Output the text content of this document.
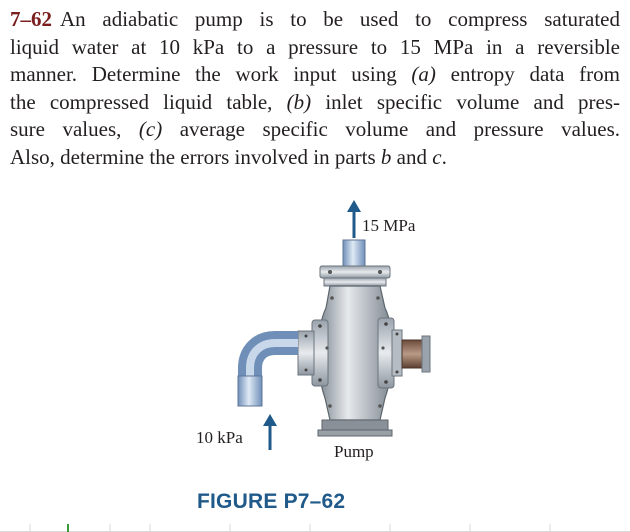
7–62 An adiabatic pump is to be used to compress saturated
liquid water at 10 kPa to a pressure to 15 MPa in a reversible
manner. Determine the work input using (a) entropy data from
the compressed liquid table, (b) inlet specific volume and pres-
sure values, (c) average specific volume and pressure values.
Also, determine the errors involved in parts b and c.
15 MPa
10 kPa
Pump
FIGURE P7–62
